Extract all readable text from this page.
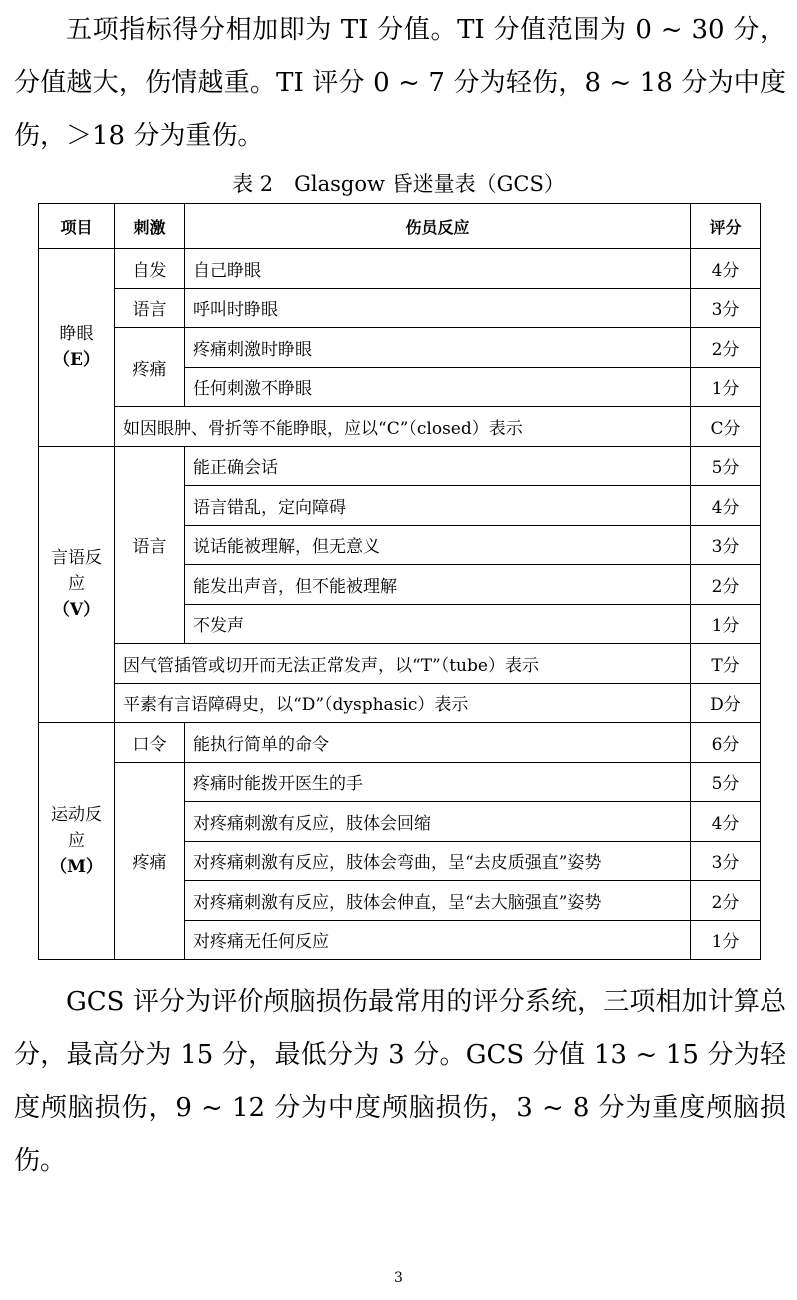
五项指标得分相加即为 TI 分值。TI 分值范围为 0 ~ 30 分，分值越大，伤情越重。TI 评分 0 ~ 7 分为轻伤，8 ~ 18 分为中度伤，＞18 分为重伤。

表 2　Glasgow 昏迷量表（GCS）
项目	刺激	伤员反应	评分

睁眼
（E）	自发	自己睁眼	4分
	语言	呼叫时睁眼	3分
	疼痛	疼痛刺激时睁眼	2分
		任何刺激不睁眼	1分
	如因眼肿、骨折等不能睁眼，应以“C”（closed）表示		C分

言语反
应
（V）	语言	能正确会话	5分
		语言错乱，定向障碍	4分
		说话能被理解，但无意义	3分
		能发出声音，但不能被理解	2分
		不发声	1分
	因气管插管或切开而无法正常发声，以“T”（tube）表示		T分
	平素有言语障碍史，以“D”（dysphasic）表示		D分

运动反
应
（M）	口令	能执行简单的命令	6分
	疼痛	疼痛时能拨开医生的手	5分
		对疼痛刺激有反应，肢体会回缩	4分
		对疼痛刺激有反应，肢体会弯曲，呈“去皮质强直”姿势	3分
		对疼痛刺激有反应，肢体会伸直，呈“去大脑强直”姿势	2分
		对疼痛无任何反应	1分

GCS 评分为评价颅脑损伤最常用的评分系统，三项相加计算总分，最高分为 15 分，最低分为 3 分。GCS 分值 13 ~ 15 分为轻度颅脑损伤，9 ~ 12 分为中度颅脑损伤，3 ~ 8 分为重度颅脑损伤。

3
